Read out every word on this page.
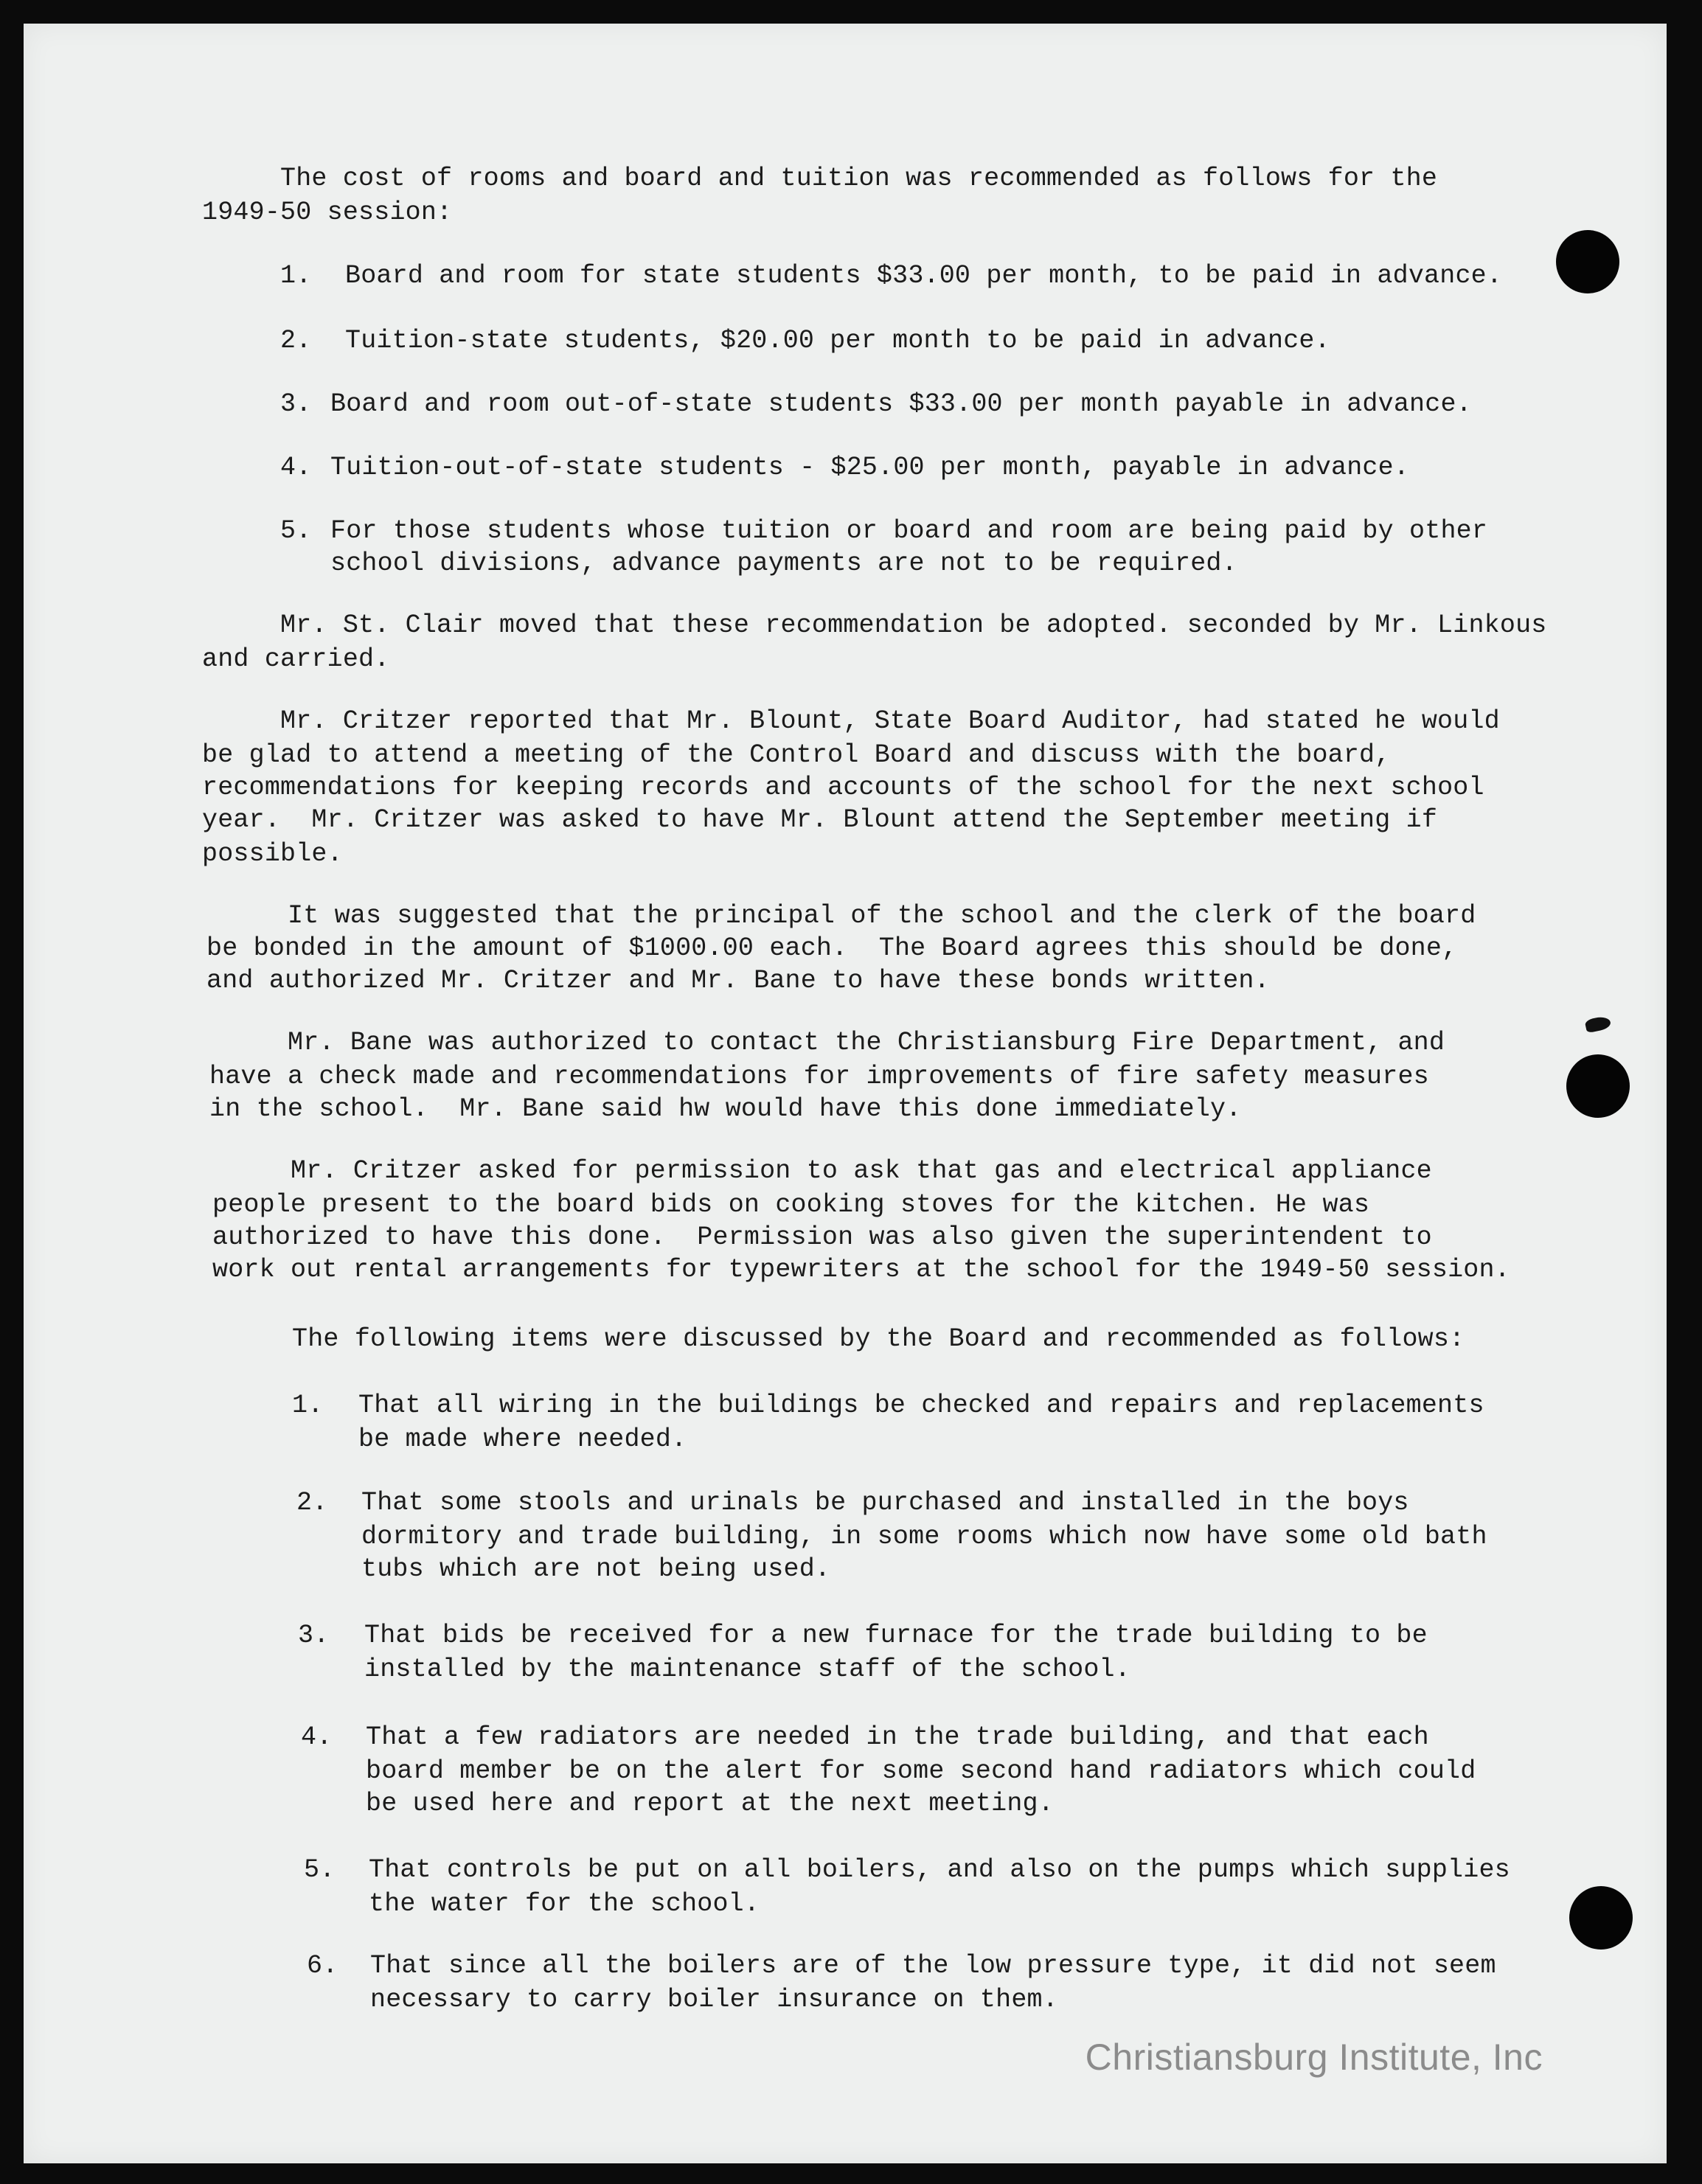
The cost of rooms and board and tuition was recommended as follows for the
1949-50 session:
1. Board and room for state students $33.00 per month, to be paid in advance.
2. Tuition-state students, $20.00 per month to be paid in advance.
3. Board and room out-of-state students $33.00 per month payable in advance.
4. Tuition-out-of-state students - $25.00 per month, payable in advance.
5. For those students whose tuition or board and room are being paid by other
school divisions, advance payments are not to be required.
Mr. St. Clair moved that these recommendation be adopted. seconded by Mr. Linkous
and carried.
Mr. Critzer reported that Mr. Blount, State Board Auditor, had stated he would
be glad to attend a meeting of the Control Board and discuss with the board,
recommendations for keeping records and accounts of the school for the next school
year.  Mr. Critzer was asked to have Mr. Blount attend the September meeting if
possible.
It was suggested that the principal of the school and the clerk of the board
be bonded in the amount of $1000.00 each.  The Board agrees this should be done,
and authorized Mr. Critzer and Mr. Bane to have these bonds written.
Mr. Bane was authorized to contact the Christiansburg Fire Department, and
have a check made and recommendations for improvements of fire safety measures
in the school.  Mr. Bane said hw would have this done immediately.
Mr. Critzer asked for permission to ask that gas and electrical appliance
people present to the board bids on cooking stoves for the kitchen. He was
authorized to have this done.  Permission was also given the superintendent to
work out rental arrangements for typewriters at the school for the 1949-50 session.
The following items were discussed by the Board and recommended as follows:
1. That all wiring in the buildings be checked and repairs and replacements
be made where needed.
2. That some stools and urinals be purchased and installed in the boys
dormitory and trade building, in some rooms which now have some old bath
tubs which are not being used.
3. That bids be received for a new furnace for the trade building to be
installed by the maintenance staff of the school.
4. That a few radiators are needed in the trade building, and that each
board member be on the alert for some second hand radiators which could
be used here and report at the next meeting.
5. That controls be put on all boilers, and also on the pumps which supplies
the water for the school.
6. That since all the boilers are of the low pressure type, it did not seem
necessary to carry boiler insurance on them.
Christiansburg Institute, Inc
